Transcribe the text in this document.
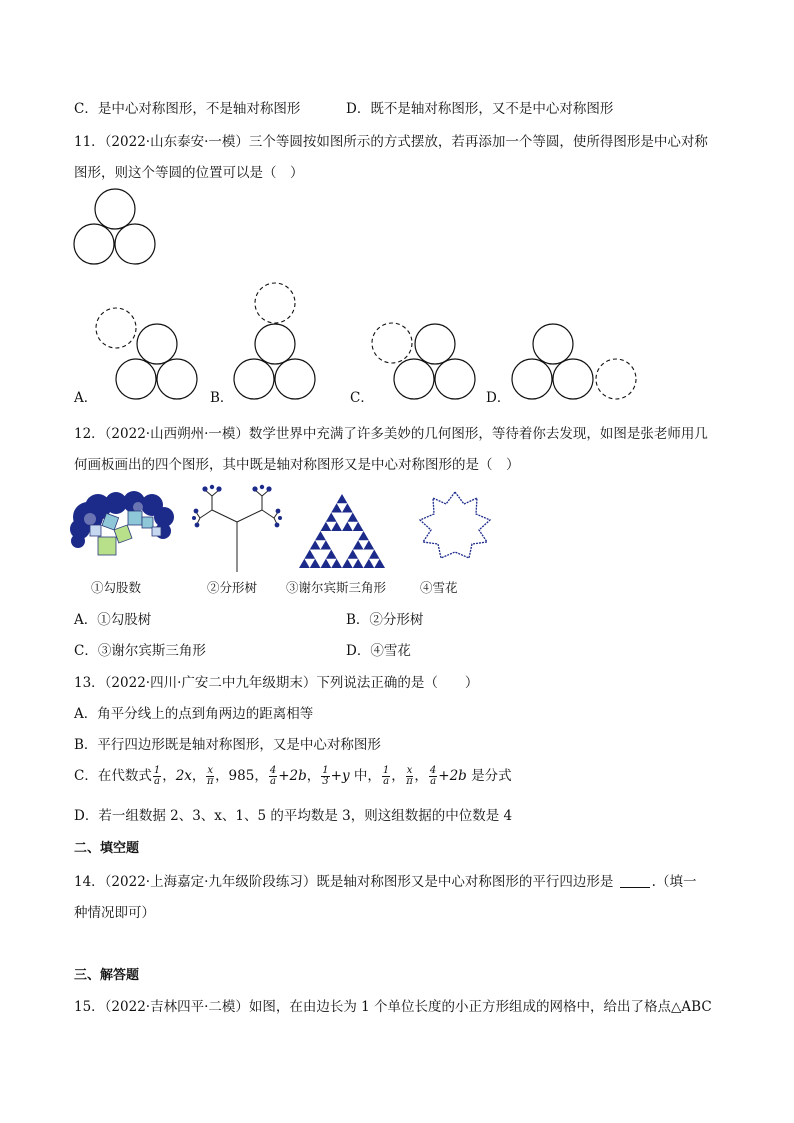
C．是中心对称图形，不是轴对称图形	D．既不是轴对称图形，又不是中心对称图形
11．（2022·山东泰安·一模）三个等圆按如图所示的方式摆放，若再添加一个等圆，使所得图形是中心对称
图形，则这个等圆的位置可以是（　）
A．	B．	C．	D．
12．（2022·山西朔州·一模）数学世界中充满了许多美妙的几何图形，等待着你去发现，如图是张老师用几
何画板画出的四个图形，其中既是轴对称图形又是中心对称图形的是（　）
①勾股数	②分形树 ③谢尔宾斯三角形	④雪花
A．①勾股树	B．②分形树
C．③谢尔宾斯三角形	D．④雪花
13．（2022·四川·广安二中九年级期末）下列说法正确的是（　　）
A．角平分线上的点到角两边的距离相等
B．平行四边形既是轴对称图形，又是中心对称图形
C．在代数式 $\frac{1}{a}$ ，2x， $\frac{x}{\pi}$ ，985， $\frac{4}{a} +2b$， $\frac{1}{3} +y$ 中， $\frac{1}{a}$ ， $\frac{x}{\pi}$ ， $\frac{4}{a} +2b$ 是分式
D．若一组数据 2、3、x、1、5 的平均数是 3，则这组数据的中位数是 4
二、填空题
14．（2022·上海嘉定·九年级阶段练习）既是轴对称图形又是中心对称图形的平行四边形是	.（填一
种情况即可）
三、解答题
15．（2022·吉林四平·二模）如图，在由边长为 1 个单位长度的小正方形组成的网格中，给出了格点△ABC
